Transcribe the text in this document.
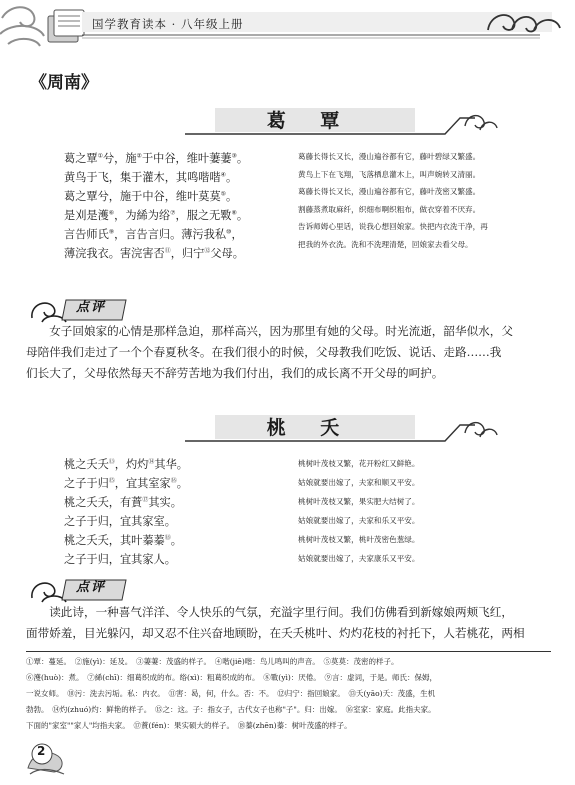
国学教育读本 · 八年级上册
《周南》
葛 覃
葛之覃①兮，施②于中谷，维叶萋萋③。
黄鸟于飞，集于灌木，其鸣喈喈④。
葛之覃兮，施于中谷，维叶莫莫⑤。
是刈是濩⑥，为絺为绤⑦，服之无斁⑧。
言告师氏⑨，言告言归。薄污我私⑩，
薄浣我衣。害浣害否⑪，归宁⑫父母。
葛藤长得长又长，漫山遍谷都有它，藤叶碧绿又繁盛。
黄鸟上下在飞翔，飞落栖息灌木上，叫声婉转又清丽。
葛藤长得长又长，漫山遍谷都有它，藤叶茂密又繁盛。
割藤蒸煮取麻纤，织细布啊织粗布，做衣穿着不厌弃。
告诉师姆心里话，说我心想回娘家。快把内衣洗干净，再
把我的外衣洗。洗和不洗理清楚，回娘家去看父母。
点评
女子回娘家的心情是那样急迫，那样高兴，因为那里有她的父母。时光流逝，韶华似水，父
母陪伴我们走过了一个个春夏秋冬。在我们很小的时候，父母教我们吃饭、说话、走路……我
们长大了，父母依然每天不辞劳苦地为我们付出，我们的成长离不开父母的呵护。
桃 夭
桃之夭夭⑬，灼灼⑭其华。
之子于归⑮，宜其室家⑯。
桃之夭夭，有蕡⑰其实。
之子于归，宜其家室。
桃之夭夭，其叶蓁蓁⑱。
之子于归，宜其家人。
桃树叶茂枝又繁，花开粉红又鲜艳。
姑娘就要出嫁了，夫家和顺又平安。
桃树叶茂枝又繁，果实肥大结树了。
姑娘就要出嫁了，夫家和乐又平安。
桃树叶茂枝又繁，桃叶茂密色葱绿。
姑娘就要出嫁了，夫家康乐又平安。
点评
读此诗，一种喜气洋洋、令人快乐的气氛，充溢字里行间。我们仿佛看到新嫁娘两颊飞红，
面带娇羞，目光躲闪，却又忍不住兴奋地顾盼，在夭夭桃叶、灼灼花枝的衬托下，人若桃花，两相
①覃：蔓延。　②施(yì)：延及。　③萋萋：茂盛的样子。　④喈(jiē)喈：鸟儿鸣叫的声音。　⑤莫莫：茂密的样子。
⑥濩(huò)：煮。　⑦絺(chī)：细葛织成的布。绤(xì)：粗葛织成的布。　⑧斁(yì)：厌倦。　⑨言：虚词，于是。师氏：保姆，
一说女师。　⑩污：洗去污垢。私：内衣。　⑪害：曷，何，什么。否：不。　⑫归宁：指回娘家。　⑬夭(yāo)夭：茂盛，生机
勃勃。　⑭灼(zhuó)灼：鲜艳的样子。　⑮之：这。子：指女子，古代女子也称"子"。归：出嫁。　⑯室家：家庭。此指夫家。
下面的"家室""家人"均指夫家。　⑰蕡(fén)：果实硕大的样子。　⑱蓁(zhēn)蓁：树叶茂盛的样子。
2
